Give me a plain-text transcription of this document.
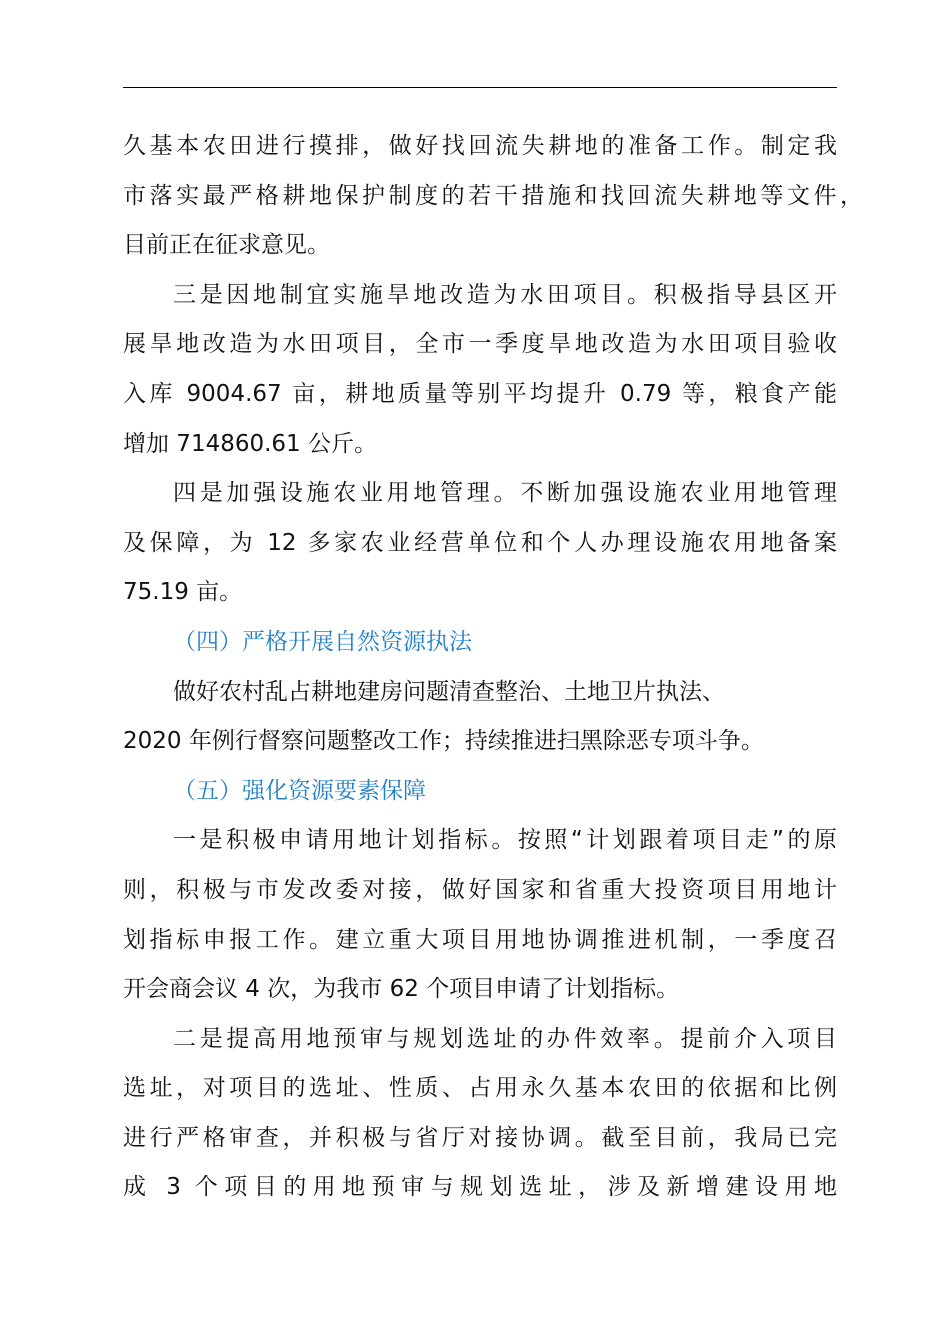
久基本农田进行摸排，做好找回流失耕地的准备工作。制定我
市落实最严格耕地保护制度的若干措施和找回流失耕地等文件，
目前正在征求意见。
三是因地制宜实施旱地改造为水田项目。积极指导县区开
展旱地改造为水田项目，全市一季度旱地改造为水田项目验收
入库 9004.67 亩，耕地质量等别平均提升 0.79 等，粮食产能
增加 714860.61 公斤。
四是加强设施农业用地管理。不断加强设施农业用地管理
及保障，为 12 多家农业经营单位和个人办理设施农用地备案
75.19 亩。
（四）严格开展自然资源执法
做好农村乱占耕地建房问题清查整治、土地卫片执法、
2020 年例行督察问题整改工作；持续推进扫黑除恶专项斗争。
（五）强化资源要素保障
一是积极申请用地计划指标。按照“计划跟着项目走”的原
则，积极与市发改委对接，做好国家和省重大投资项目用地计
划指标申报工作。建立重大项目用地协调推进机制，一季度召
开会商会议 4 次，为我市 62 个项目申请了计划指标。
二是提高用地预审与规划选址的办件效率。提前介入项目
选址，对项目的选址、性质、占用永久基本农田的依据和比例
进行严格审查，并积极与省厅对接协调。截至目前，我局已完
成 3 个项目的用地预审与规划选址，涉及新增建设用地
